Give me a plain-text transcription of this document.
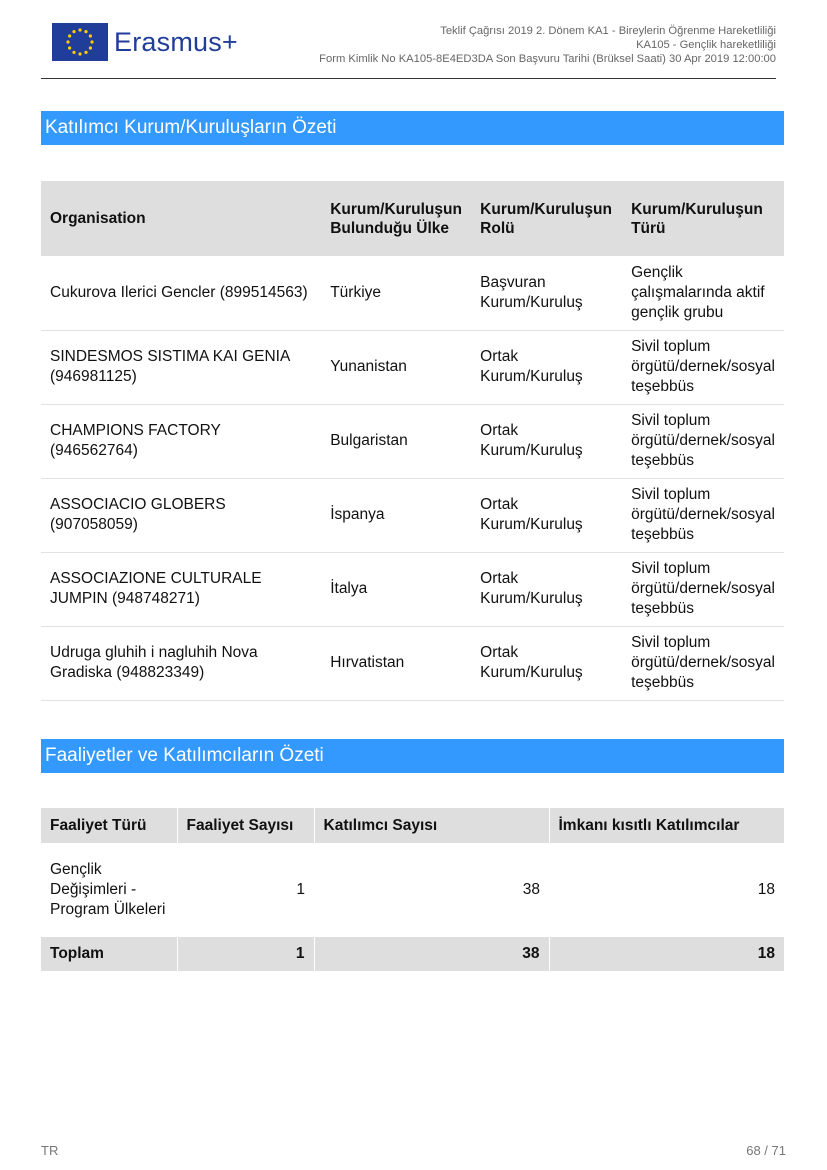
Erasmus+	Teklif Çağrısı 2019 2. Dönem KA1 - Bireylerin Öğrenme Hareketliliği
KA105 - Gençlik hareketliliği
Form Kimlik No KA105-8E4ED3DA Son Başvuru Tarihi (Brüksel Saati) 30 Apr 2019 12:00:00
Katılımcı Kurum/Kuruluşların Özeti
Organisation	Kurum/Kuruluşun Bulunduğu Ülke	Kurum/Kuruluşun Rolü	Kurum/Kuruluşun Türü
Cukurova Ilerici Gencler (899514563)	Türkiye	Başvuran Kurum/Kuruluş	Gençlik çalışmalarında aktif gençlik grubu
SINDESMOS SISTIMA KAI GENIA (946981125)	Yunanistan	Ortak Kurum/Kuruluş	Sivil toplum örgütü/dernek/sosyal teşebbüs
CHAMPIONS FACTORY (946562764)	Bulgaristan	Ortak Kurum/Kuruluş	Sivil toplum örgütü/dernek/sosyal teşebbüs
ASSOCIACIO GLOBERS (907058059)	İspanya	Ortak Kurum/Kuruluş	Sivil toplum örgütü/dernek/sosyal teşebbüs
ASSOCIAZIONE CULTURALE JUMPIN (948748271)	İtalya	Ortak Kurum/Kuruluş	Sivil toplum örgütü/dernek/sosyal teşebbüs
Udruga gluhih i nagluhih Nova Gradiska (948823349)	Hırvatistan	Ortak Kurum/Kuruluş	Sivil toplum örgütü/dernek/sosyal teşebbüs
Faaliyetler ve Katılımcıların Özeti
Faaliyet Türü	Faaliyet Sayısı	Katılımcı Sayısı	İmkanı kısıtlı Katılımcılar
Gençlik Değişimleri - Program Ülkeleri	1	38	18
Toplam	1	38	18
TR	68 / 71
